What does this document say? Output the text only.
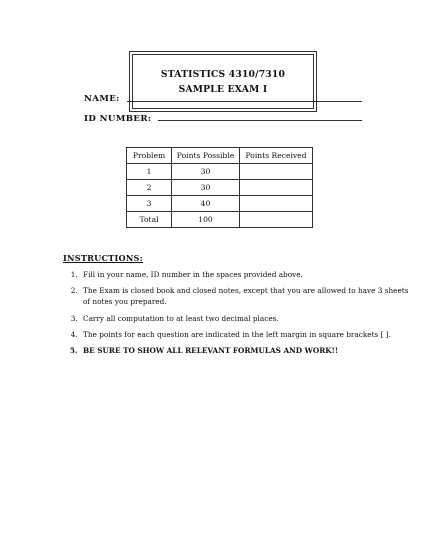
STATISTICS 4310/7310
SAMPLE EXAM I
NAME:
ID NUMBER:
Problem	Points Possible	Points Received
1	30	
2	30	
3	40	
Total	100	
INSTRUCTIONS:
1. Fill in your name, ID number in the spaces provided above.
2. The Exam is closed book and closed notes, except that you are allowed to have 3 sheets of notes you prepared.
3. Carry all computation to at least two decimal places.
4. The points for each question are indicated in the left margin in square brackets [ ].
5. BE SURE TO SHOW ALL RELEVANT FORMULAS AND WORK!!
